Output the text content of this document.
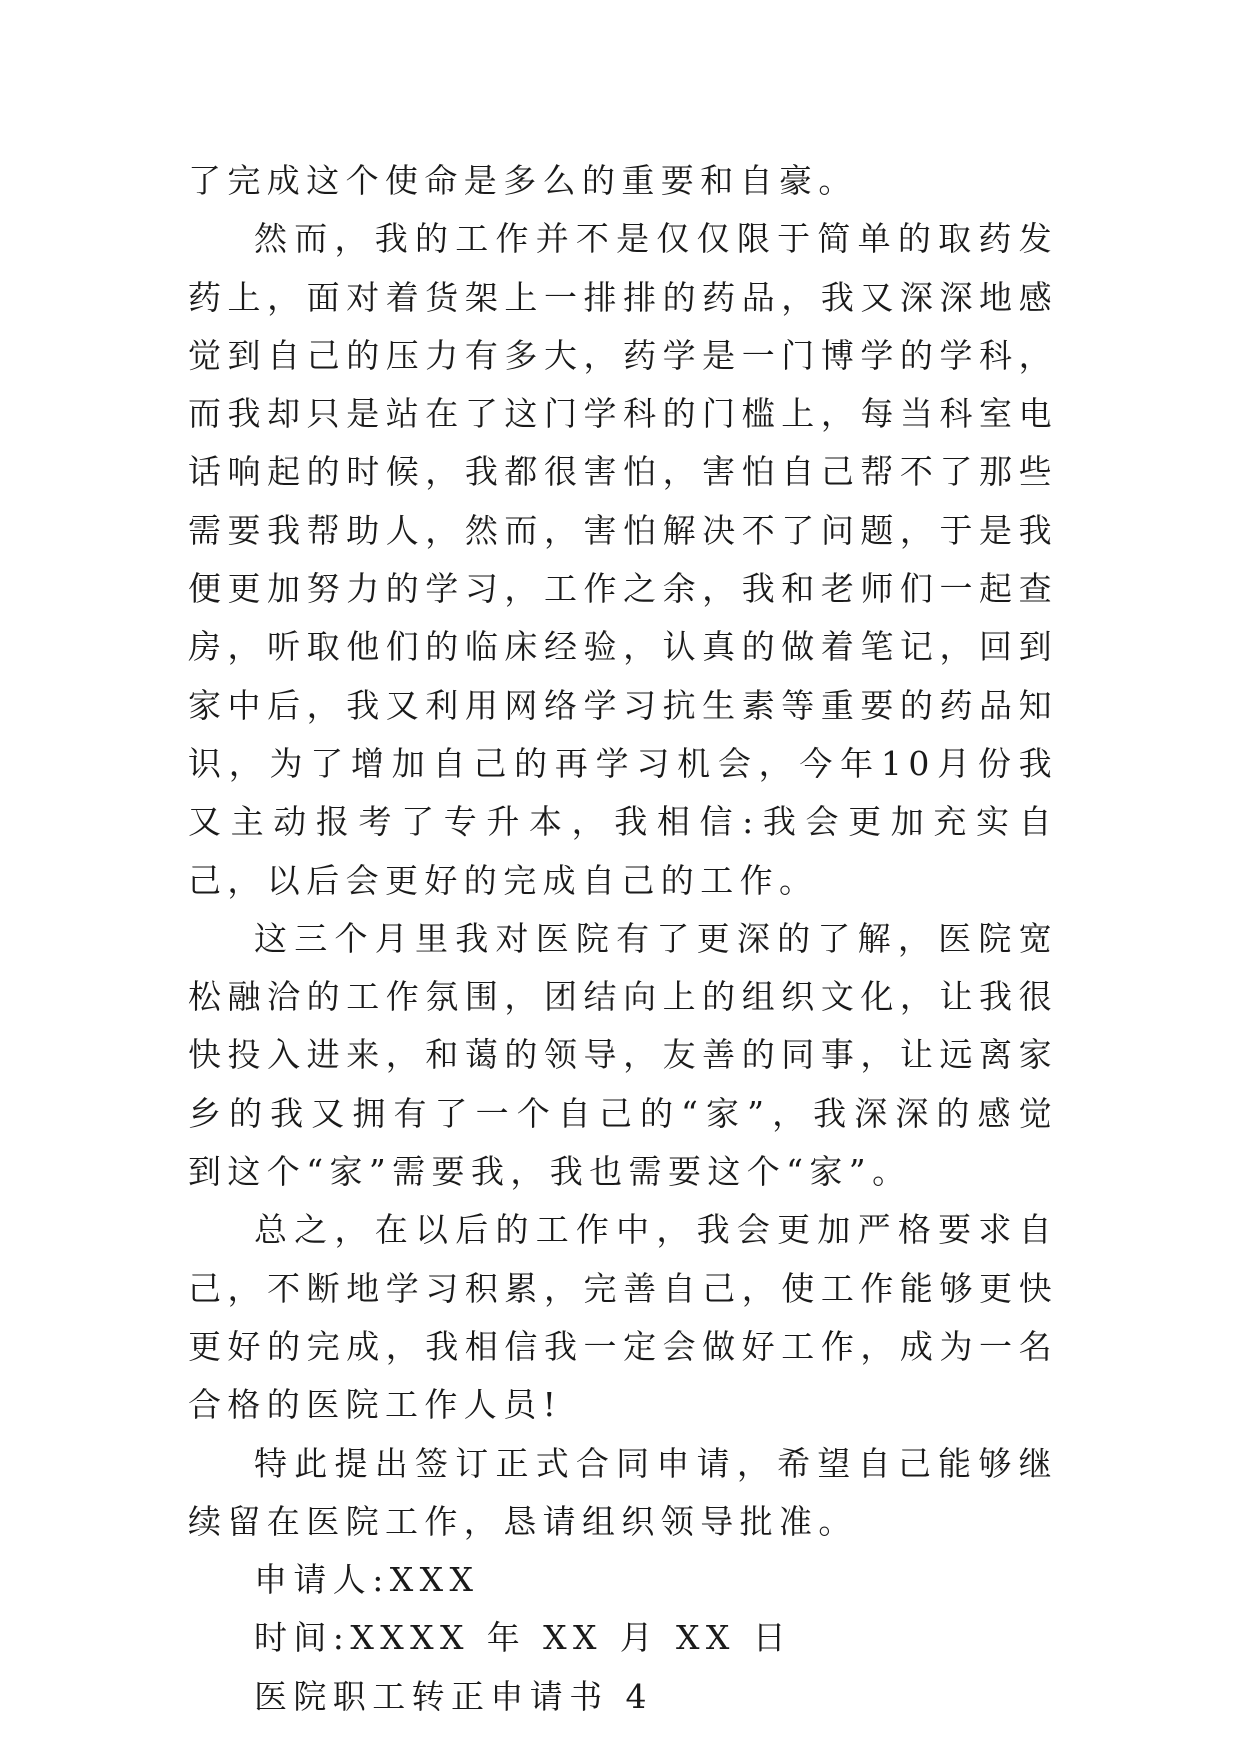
了完成这个使命是多么的重要和自豪。

然而，我的工作并不是仅仅限于简单的取药发药上，面对着货架上一排排的药品，我又深深地感觉到自己的压力有多大，药学是一门博学的学科，而我却只是站在了这门学科的门槛上，每当科室电话响起的时候，我都很害怕，害怕自己帮不了那些需要我帮助人，然而，害怕解决不了问题，于是我便更加努力的学习，工作之余，我和老师们一起查房，听取他们的临床经验，认真的做着笔记，回到家中后，我又利用网络学习抗生素等重要的药品知识，为了增加自己的再学习机会，今年10月份我又主动报考了专升本，我相信:我会更加充实自己，以后会更好的完成自己的工作。

这三个月里我对医院有了更深的了解，医院宽松融洽的工作氛围，团结向上的组织文化，让我很快投入进来，和蔼的领导，友善的同事，让远离家乡的我又拥有了一个自己的“家”，我深深的感觉到这个“家”需要我，我也需要这个“家”。

总之，在以后的工作中，我会更加严格要求自己，不断地学习积累，完善自己，使工作能够更快更好的完成，我相信我一定会做好工作，成为一名合格的医院工作人员!

特此提出签订正式合同申请，希望自己能够继续留在医院工作，恳请组织领导批准。

申请人:XXX

时间:XXXX 年 XX 月 XX 日

医院职工转正申请书 4
